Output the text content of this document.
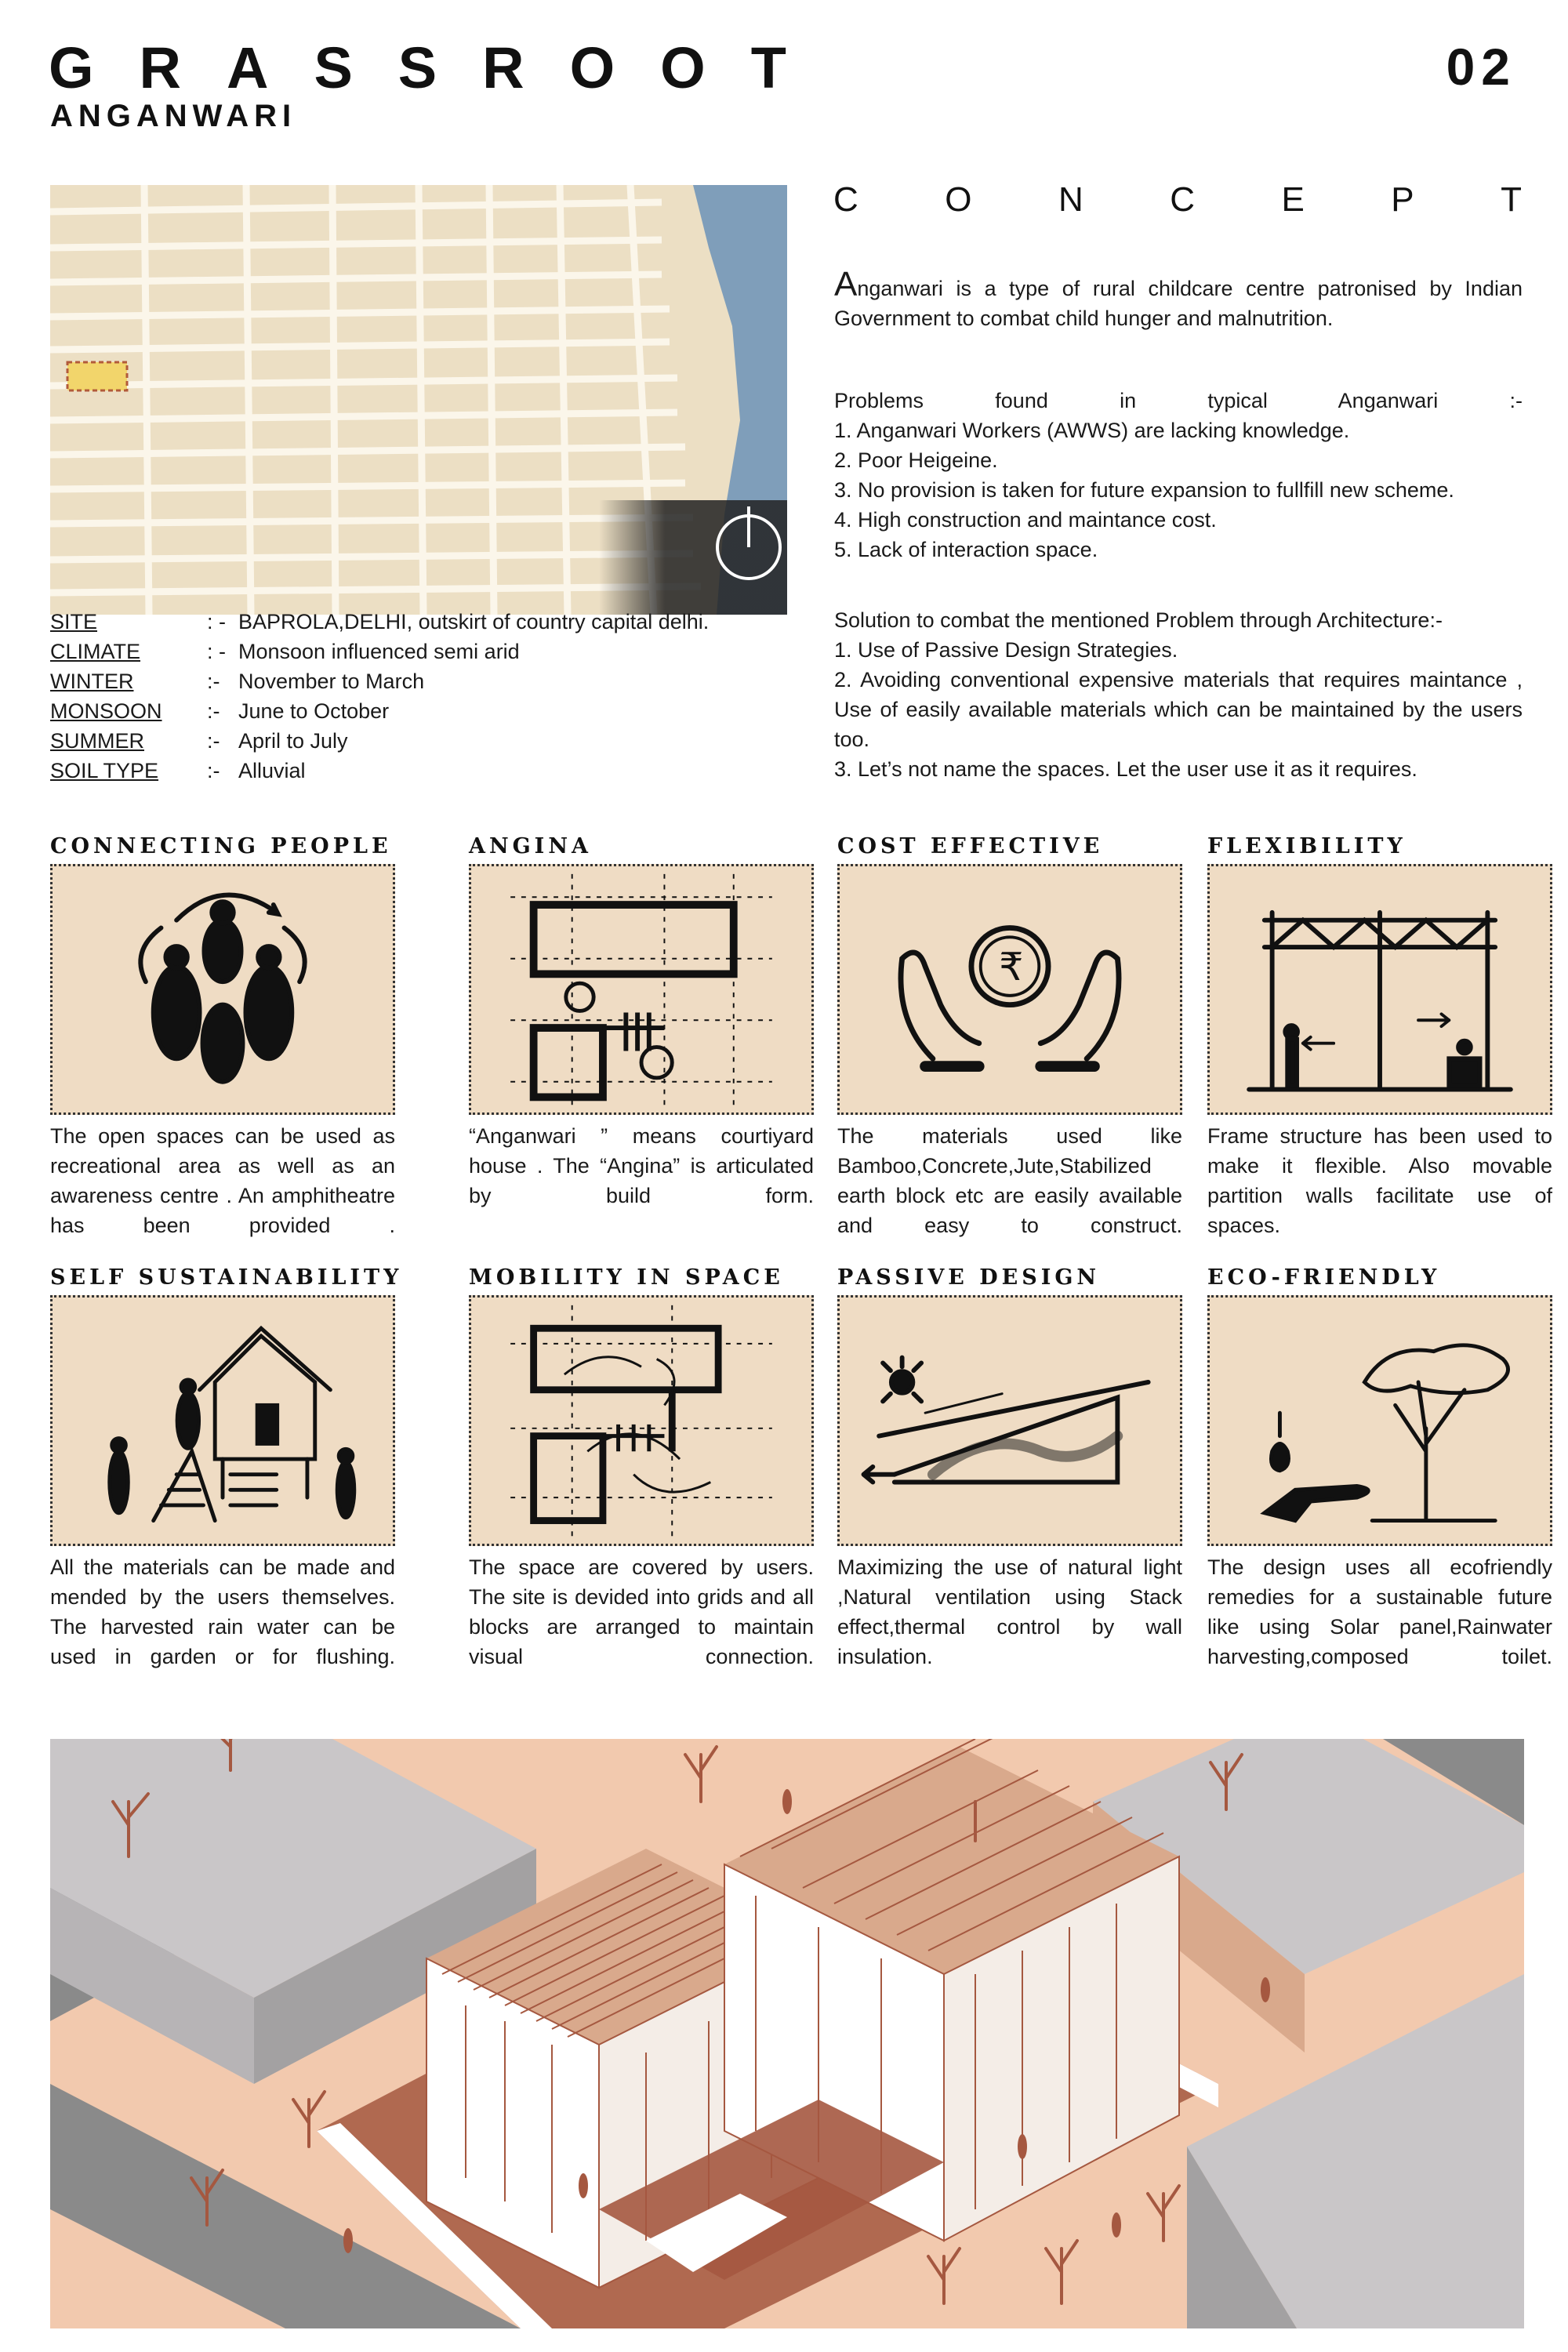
GRASSROOT
ANGANWARI
02
SITE	: - BAPROLA,DELHI, outskirt of country capital delhi.
CLIMATE	: - Monsoon influenced semi arid
WINTER	:- November to March
MONSOON	:- June to October
SUMMER	:- April to July
SOIL TYPE	:- Alluvial
C	O	N	C	E	P	T

Anganwari is a type of rural childcare centre patronised by Indian Government to combat child hunger and malnutrition.

Problems found in typical Anganwari :-

1. Anganwari Workers (AWWS) are lacking knowledge.

2. Poor Heigeine.

3. No provision is taken for future expansion to fullfill new scheme.

4. High construction and maintance cost.

5. Lack of interaction space.

Solution to combat the mentioned Problem through Architecture:-

1. Use of Passive Design Strategies.

2. Avoiding conventional expensive materials that requires maintance , Use of easily available materials which can be maintained by the users too.

3. Let’s not name the spaces. Let the user use it as it requires.

CONNECTING PEOPLE
The open spaces can be used as recreational area as well as an awareness centre . An amphitheatre has been provided .
ANGINA
“Anganwari ” means courtiyard house . The “Angina” is articulated by build form.
COST EFFECTIVE
₹
The materials used like Bamboo,Concrete,Jute,Stabilized earth block etc are easily available and easy to construct.
FLEXIBILITY
Frame structure has been used to make it flexible. Also movable partition walls facilitate use of spaces.
SELF SUSTAINABILITY
All the materials can be made and mended by the users themselves. The harvested rain water can be used in garden or for flushing.
MOBILITY IN SPACE
The space are covered by users. The site is devided into grids and all blocks are arranged to maintain visual connection.
PASSIVE DESIGN
Maximizing the use of natural light ,Natural ventilation using Stack effect,thermal control by wall insulation.
ECO-FRIENDLY
The design uses all ecofriendly remedies for a sustainable future like using Solar panel,Rainwater harvesting,composed toilet.
